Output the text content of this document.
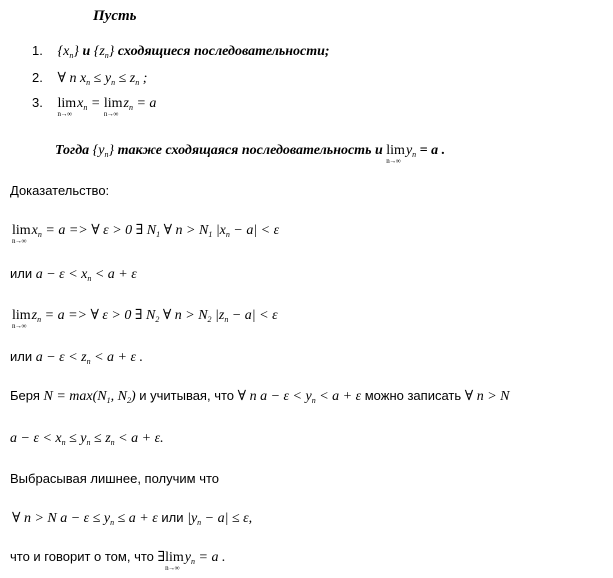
Пусть
1. $\{x_n\}$ и $\{z_n\}$ сходящиеся последовательности;
2. ∀ n $x_n \le y_n \le z_n$ ;
3. lim
n→∞
$x_n = \lim$
n→∞
$z_n = a$
Тогда $\{y_n\}$ также сходящаяся последовательность и lim
n→∞
$y_n = a$ .
Доказательство:
lim
n→∞
$x_n = a$ => ∀ ε > 0 ∃ $N_1$ ∀ $n > N_1$ $|x_n - a| < \varepsilon$
или $a - \varepsilon < x_n < a + \varepsilon$
lim
n→∞
$z_n = a$ => ∀ ε > 0 ∃ $N_2$ ∀ $n > N_2$ $|z_n - a| < \varepsilon$
или $a - \varepsilon < z_n < a + \varepsilon$ .
Беря $N = \max(N_1$, $N_2$) и учитывая, что ∀ n $a - \varepsilon < y_n < a + \varepsilon$ можно записать ∀ n > N
$a - \varepsilon < x_n \le y_n \le z_n < a + \varepsilon$.
Выбрасывая лишнее, получим что
∀ n > N $a - \varepsilon \le y_n \le a + \varepsilon$ или $|y_n - a| \le \varepsilon$,
что и говорит о том, что ∃lim
n→∞
$y_n = a$ .
